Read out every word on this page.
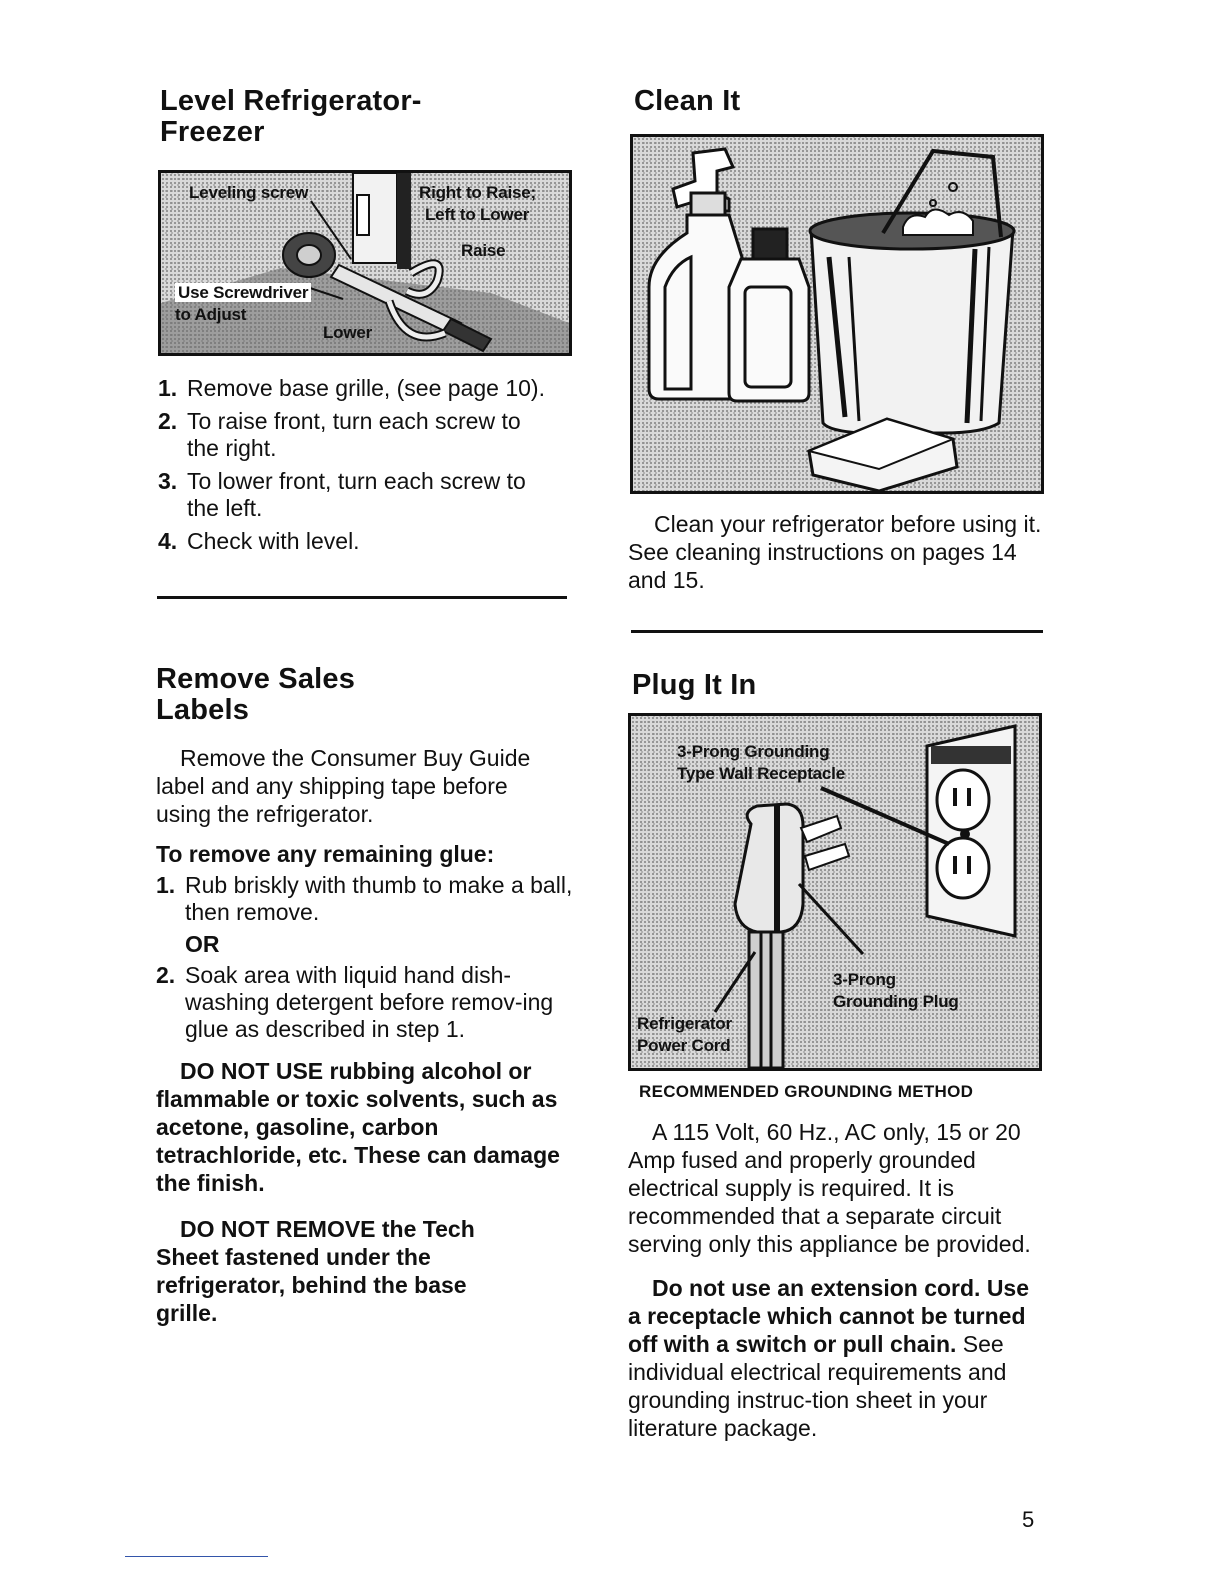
Level Refrigerator-
Freezer
Leveling screw	Right to Raise;
Left to Lower
Raise
Use Screwdriver
to Adjust
Lower
1. Remove base grille, (see page 10).
2. To raise front, turn each screw to the right.
3. To lower front, turn each screw to the left.
4. Check with level.
Remove Sales
Labels

Remove the Consumer Buy Guide label and any shipping tape before using the refrigerator.

To remove any remaining glue:
1. Rub briskly with thumb to make a ball, then remove.
OR
2. Soak area with liquid hand dish-washing detergent before remov-ing glue as described in step 1.

DO NOT USE rubbing alcohol or flammable or toxic solvents, such as acetone, gasoline, carbon tetrachloride, etc. These can damage the finish.

DO NOT REMOVE the Tech Sheet fastened under the refrigerator, behind the base grille.

Clean It

Clean your refrigerator before using it. See cleaning instructions on pages 14 and 15.

Plug It In
3-Prong Grounding
Type Wall Receptacle
3-Prong
Grounding Plug
Refrigerator
Power Cord
RECOMMENDED GROUNDING METHOD

A 115 Volt, 60 Hz., AC only, 15 or 20 Amp fused and properly grounded electrical supply is required. It is recommended that a separate circuit serving only this appliance be provided.

Do not use an extension cord. Use a receptacle which cannot be turned off with a switch or pull chain. See individual electrical requirements and grounding instruc-tion sheet in your literature package.

5
